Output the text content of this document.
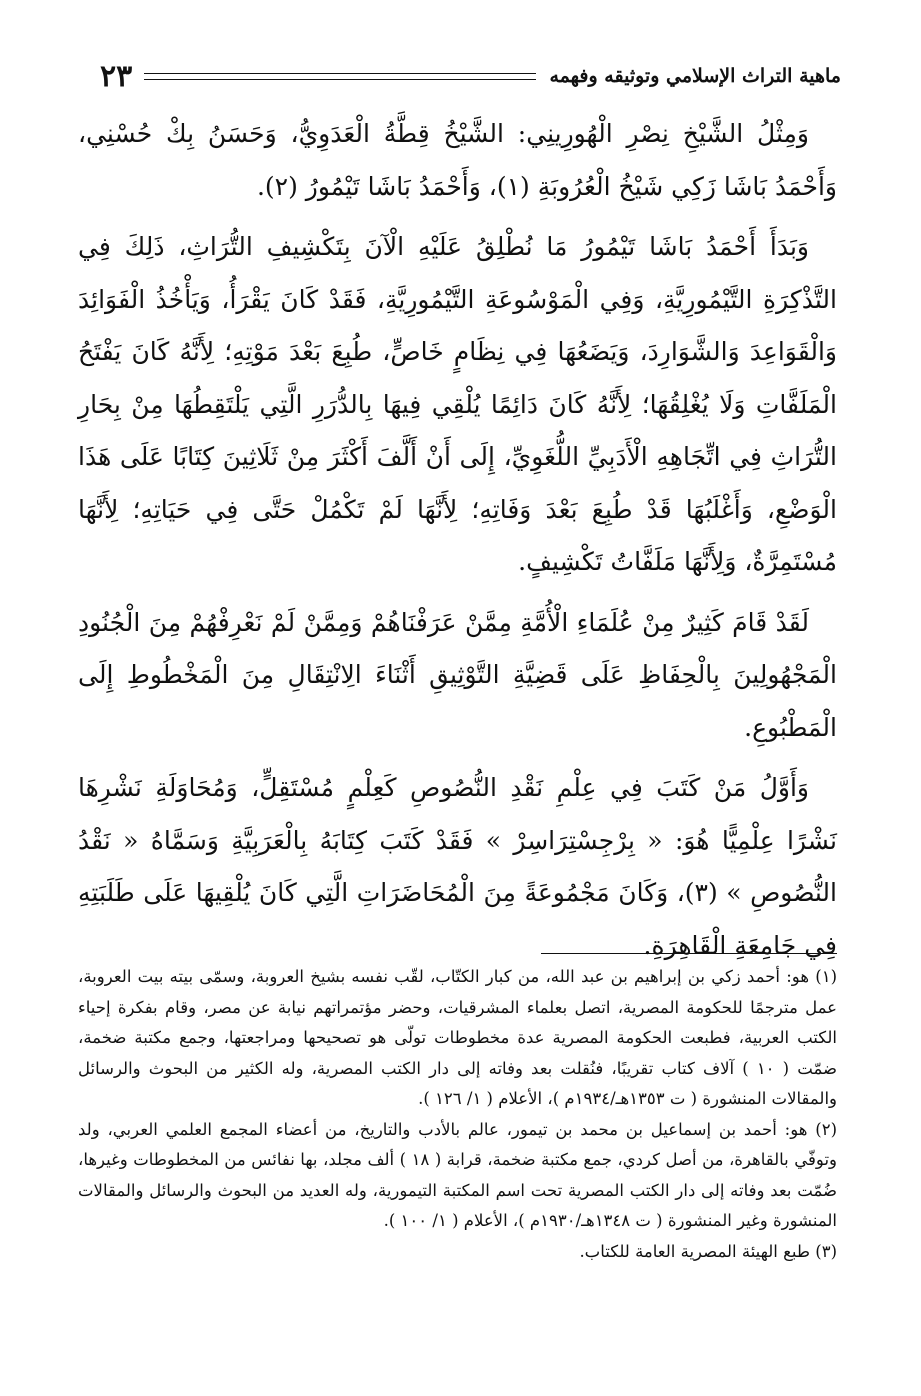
ماهية التراث الإسلامي وتوثيقه وفهمه
٢٣

وَمِثْلُ الشَّيْخِ نِصْرِ الْهُورِينِي: الشَّيْخُ قِطَّةُ الْعَدَوِيُّ، وَحَسَنُ بِكْ حُسْنِي، وَأَحْمَدُ بَاشَا زَكِي شَيْخُ الْعُرُوبَةِ (١)، وَأَحْمَدُ بَاشَا تَيْمُورُ (٢).

وَبَدَأَ أَحْمَدُ بَاشَا تَيْمُورُ مَا نُطْلِقُ عَلَيْهِ الْآنَ بِتَكْشِيفِ التُّرَاثِ، ذَلِكَ فِي التَّذْكِرَةِ التَّيْمُورِيَّةِ، وَفِي الْمَوْسُوعَةِ التَّيْمُورِيَّةِ، فَقَدْ كَانَ يَقْرَأُ، وَيَأْخُذُ الْفَوَائِدَ وَالْقَوَاعِدَ وَالشَّوَارِدَ، وَيَضَعُهَا فِي نِظَامٍ خَاصٍّ، طُبِعَ بَعْدَ مَوْتِهِ؛ لِأَنَّهُ كَانَ يَفْتَحُ الْمَلَفَّاتِ وَلَا يُغْلِقُهَا؛ لِأَنَّهُ كَانَ دَائِمًا يُلْقِي فِيهَا بِالدُّرَرِ الَّتِي يَلْتَقِطُهَا مِنْ بِحَارِ التُّرَاثِ فِي اتِّجَاهِهِ الْأَدَبِيِّ اللُّغَوِيِّ، إِلَى أَنْ أَلَّفَ أَكْثَرَ مِنْ ثَلَاثِينَ كِتَابًا عَلَى هَذَا الْوَضْعِ، وَأَغْلَبُهَا قَدْ طُبِعَ بَعْدَ وَفَاتِهِ؛ لِأَنَّهَا لَمْ تَكْمُلْ حَتَّى فِي حَيَاتِهِ؛ لِأَنَّهَا مُسْتَمِرَّةٌ، وَلِأَنَّهَا مَلَفَّاتُ تَكْشِيفٍ.

لَقَدْ قَامَ كَثِيرٌ مِنْ عُلَمَاءِ الْأُمَّةِ مِمَّنْ عَرَفْنَاهُمْ وَمِمَّنْ لَمْ نَعْرِفْهُمْ مِنَ الْجُنُودِ الْمَجْهُولِينَ بِالْحِفَاظِ عَلَى قَضِيَّةِ التَّوْثِيقِ أَثْنَاءَ الِانْتِقَالِ مِنَ الْمَخْطُوطِ إِلَى الْمَطْبُوعِ.

وَأَوَّلُ مَنْ كَتَبَ فِي عِلْمِ نَقْدِ النُّصُوصِ كَعِلْمٍ مُسْتَقِلٍّ، وَمُحَاوَلَةِ نَشْرِهَا نَشْرًا عِلْمِيًّا هُوَ: « بِرْجِسْتِرَاسِرْ » فَقَدْ كَتَبَ كِتَابَهُ بِالْعَرَبِيَّةِ وَسَمَّاهُ « نَقْدُ النُّصُوصِ » (٣)، وَكَانَ مَجْمُوعَةً مِنَ الْمُحَاضَرَاتِ الَّتِي كَانَ يُلْقِيهَا عَلَى طَلَبَتِهِ فِي جَامِعَةِ الْقَاهِرَةِ.

(١) هو: أحمد زكي بن إبراهيم بن عبد الله، من كبار الكتّاب، لقّب نفسه بشيخ العروبة، وسمّى بيته بيت العروبة، عمل مترجمًا للحكومة المصرية، اتصل بعلماء المشرقيات، وحضر مؤتمراتهم نيابة عن مصر، وقام بفكرة إحياء الكتب العربية، فطبعت الحكومة المصرية عدة مخطوطات تولّى هو تصحيحها ومراجعتها، وجمع مكتبة ضخمة، ضمّت ( ١٠ ) آلاف كتاب تقريبًا، فنُقلت بعد وفاته إلى دار الكتب المصرية، وله الكثير من البحوث والرسائل والمقالات المنشورة ( ت ١٣٥٣هـ/١٩٣٤م )، الأعلام ( ١/ ١٢٦ ).

(٢) هو: أحمد بن إسماعيل بن محمد بن تيمور، عالم بالأدب والتاريخ، من أعضاء المجمع العلمي العربي، ولد وتوفّي بالقاهرة، من أصل كردي، جمع مكتبة ضخمة، قرابة ( ١٨ ) ألف مجلد، بها نفائس من المخطوطات وغيرها، ضُمّت بعد وفاته إلى دار الكتب المصرية تحت اسم المكتبة التيمورية، وله العديد من البحوث والرسائل والمقالات المنشورة وغير المنشورة ( ت ١٣٤٨هـ/١٩٣٠م )، الأعلام ( ١/ ١٠٠ ).

(٣) طبع الهيئة المصرية العامة للكتاب.
